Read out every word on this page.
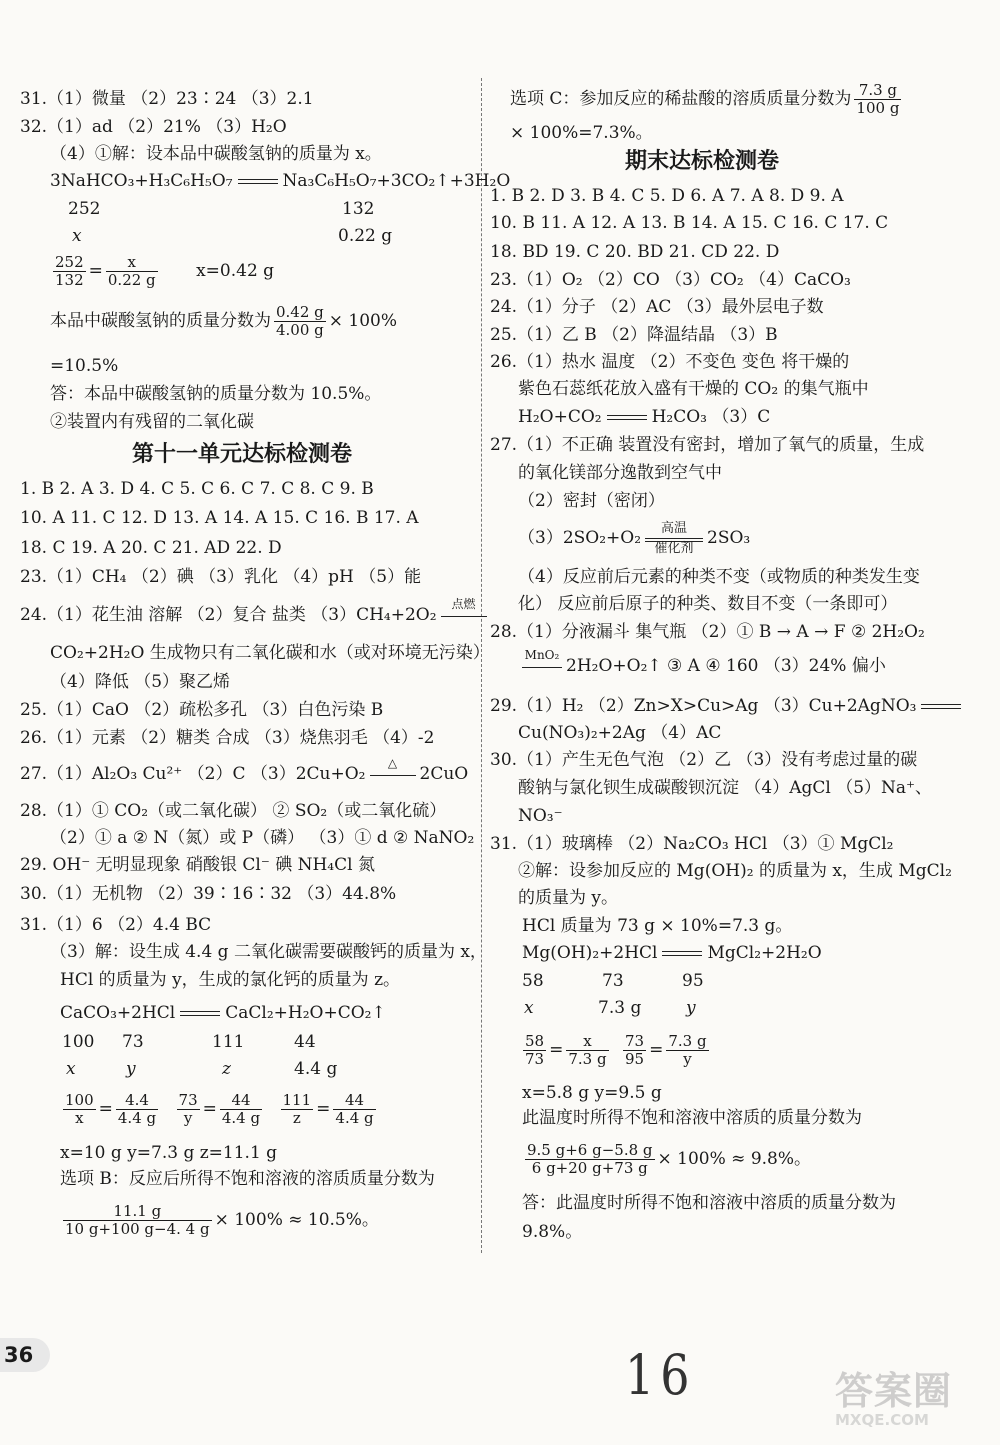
31.（1）微量 （2）23∶24 （3）2.1
32.（1）ad （2）21% （3）H₂O
（4）①解：设本品中碳酸氢钠的质量为 x。
3NaHCO₃+H₃C₆H₅O₇	Na₃C₆H₅O₇+3CO₂↑+3H₂O
252	132
x	0.22 g
$\frac{252}{132} = \frac{x}{0.22 g} x=0.42$ g
本品中碳酸氢钠的质量分数为 $\frac{0.42 g}{4.00 g} \times 100\%$
=10.5%
答：本品中碳酸氢钠的质量分数为 10.5%。
②装置内有残留的二氧化碳
第十一单元达标检测卷
1. B 2. A 3. D 4. C 5. C 6. C 7. C 8. C 9. B
10. A 11. C 12. D 13. A 14. A 15. C 16. B 17. A
18. C 19. A 20. C 21. AD 22. D
23.（1）CH₄ （2）碘 （3）乳化 （4）pH （5）能
24.（1）花生油 溶解 （2）复合 盐类 （3）CH₄+2O₂
点燃
CO₂+2H₂O 生成物只有二氧化碳和水（或对环境无污染）
（4）降低 （5）聚乙烯
25.（1）CaO （2）疏松多孔 （3）白色污染 B
26.（1）元素 （2）糖类 合成 （3）烧焦羽毛 （4）-2
27.（1）Al₂O₃ Cu²⁺ （2）C （3）2Cu+O₂
△
2CuO
28.（1）① CO₂（或二氧化碳） ② SO₂（或二氧化硫）
（2）① a ② N（氮）或 P（磷） （3）① d ② NaNO₂
29. OH⁻ 无明显现象 硝酸银 Cl⁻ 碘 NH₄Cl 氮
30.（1）无机物 （2）39∶16∶32 （3）44.8%
31.（1）6 （2）4.4 BC
（3）解：设生成 4.4 g 二氧化碳需要碳酸钙的质量为 x，
HCl 的质量为 y，生成的氯化钙的质量为 z。
CaCO₃+2HCl	CaCl₂+H₂O+CO₂↑
100 73	111	44
x	y	z	4.4 g
$\frac{100}{x} = \frac{4.4}{4.4 g}$
$\frac{73}{y} = \frac{44}{4.4 g}$
$\frac{111}{z} = \frac{44}{4.4 g}$
x=10 g y=7.3 g z=11.1 g
选项 B：反应后所得不饱和溶液的溶质质量分数为
$\frac{11.1 g}{10 g+100 g-4. 4 g} \times 100\% \approx 10.5\%$。
选项 C：参加反应的稀盐酸的溶质质量分数为 $\frac{7.3 g}{100 g}$
× 100%=7.3%。
期末达标检测卷
1. B 2. D 3. B 4. C 5. D 6. A 7. A 8. D 9. A
10. B 11. A 12. A 13. B 14. A 15. C 16. C 17. C
18. BD 19. C 20. BD 21. CD 22. D
23.（1）O₂ （2）CO （3）CO₂ （4）CaCO₃
24.（1）分子 （2）AC （3）最外层电子数
25.（1）乙 B （2）降温结晶 （3）B
26.（1）热水 温度 （2）不变色 变色 将干燥的
紫色石蕊纸花放入盛有干燥的 CO₂ 的集气瓶中
H₂O+CO₂	H₂CO₃ （3）C
27.（1）不正确 装置没有密封，增加了氧气的质量，生成
的氧化镁部分逸散到空气中
（2）密封（密闭）
（3）2SO₂+O₂	高温
催化剂 2SO₃
（4）反应前后元素的种类不变（或物质的种类发生变
化） 反应前后原子的种类、数目不变（一条即可）
28.（1）分液漏斗 集气瓶 （2）① B → A → F ② 2H₂O₂
MnO₂
2H₂O+O₂↑ ③ A ④ 160 （3）24% 偏小
29.（1）H₂ （2）Zn>X>Cu>Ag （3）Cu+2AgNO₃
Cu(NO₃)₂+2Ag （4）AC
30.（1）产生无色气泡 （2）乙 （3）没有考虑过量的碳
酸钠与氯化钡生成碳酸钡沉淀 （4）AgCl （5）Na⁺、
NO₃⁻
31.（1）玻璃棒 （2）Na₂CO₃ HCl （3）① MgCl₂
②解：设参加反应的 Mg(OH)₂ 的质量为 x，生成 MgCl₂
的质量为 y。
HCl 质量为 73 g × 10%=7.3 g。
Mg(OH)₂+2HCl	MgCl₂+2H₂O
58	73	95
x	7.3 g	y
$\frac{58}{73} = \frac{x}{7.3 g}$
$\frac{73}{95} = \frac{7.3 g}{y}$
x=5.8 g y=9.5 g
此温度时所得不饱和溶液中溶质的质量分数为
$\frac{9.5 g+6 g-5.8 g}{6 g+20 g+73 g} \times 100\% \approx 9.8\%$。
答：此温度时所得不饱和溶液中溶质的质量分数为
9.8%。
36	16	答案圈
MXQE.COM
